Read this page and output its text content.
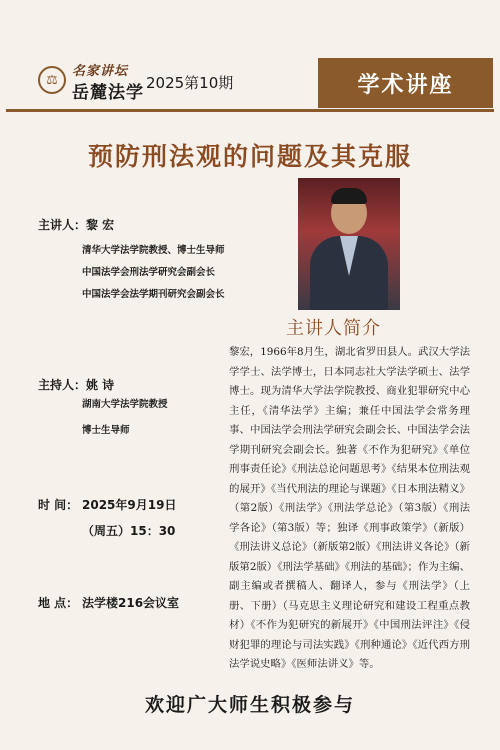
⚖
名家讲坛
岳麓法学 2025第10期	学术讲座
预防刑法观的问题及其克服
主讲人：黎 宏
清华大学法学院教授、博士生导师
中国法学会刑法学研究会副会长
中国法学会法学期刊研究会副会长
主讲人简介
主持人：姚 诗
湖南大学法学院教授
博士生导师
时 间： 2025年9月19日
（周五）15：30
地 点： 法学楼216会议室
黎宏，1966年8月生，湖北省罗田县人。武汉大学法学学士、法学博士，日本同志社大学法学硕士、法学博士。现为清华大学法学院教授、商业犯罪研究中心主任，《清华法学》主编；兼任中国法学会常务理事、中国法学会刑法学研究会副会长、中国法学会法学期刊研究会副会长。独著《不作为犯研究》《单位刑事责任论》《刑法总论问题思考》《结果本位刑法观的展开》《当代刑法的理论与课题》《日本刑法精义》（第2版）《刑法学》《刑法学总论》（第3版）《刑法学各论》（第3版）等；独译《刑事政策学》（新版）《刑法讲义总论》（新版第2版）《刑法讲义各论》（新版第2版）《刑法学基础》《刑法的基础》；作为主编、副主编或者撰稿人、翻译人，参与《刑法学》（上册、下册）（马克思主义理论研究和建设工程重点教材）《不作为犯研究的新展开》《中国刑法评注》《侵财犯罪的理论与司法实践》《刑种通论》《近代西方刑法学说史略》《医师法讲义》等。
欢迎广大师生积极参与
